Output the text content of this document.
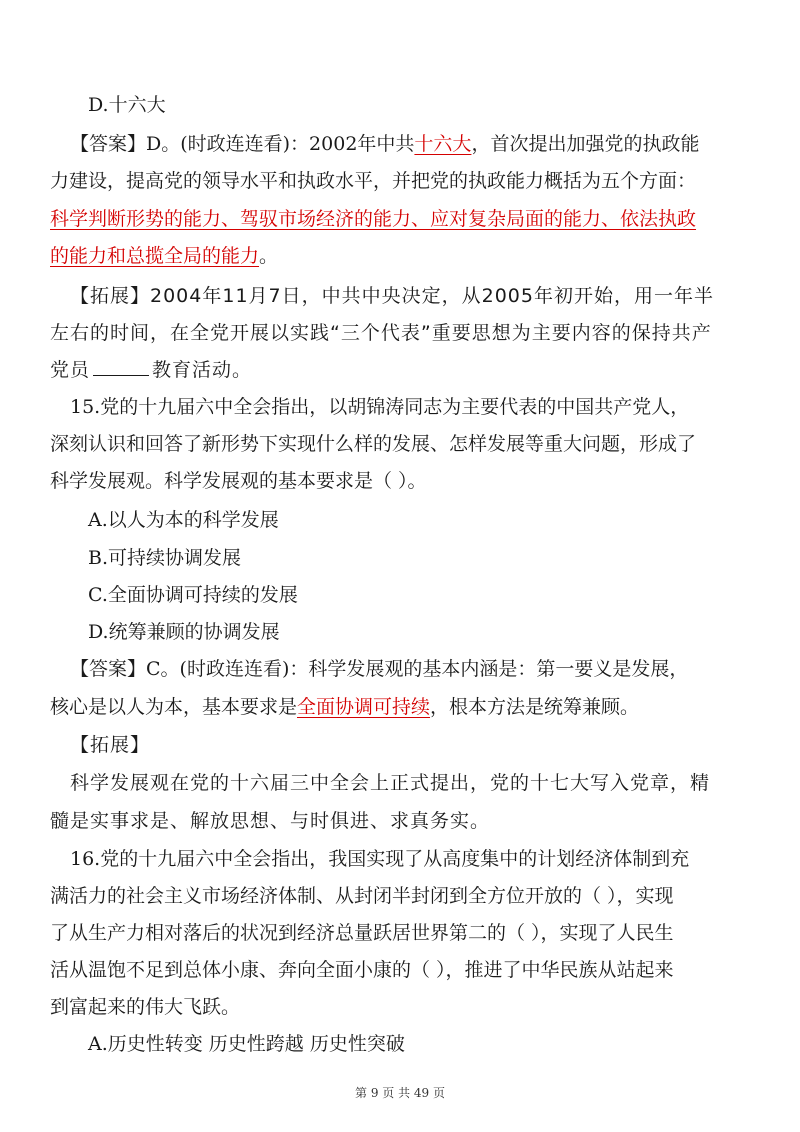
D.十六大
【答案】D。(时政连连看)：2002年中共十六大，首次提出加强党的执政能
力建设，提高党的领导水平和执政水平，并把党的执政能力概括为五个方面：
科学判断形势的能力、驾驭市场经济的能力、应对复杂局面的能力、依法执政
的能力和总揽全局的能力。
【拓展】2004年11月7日，中共中央决定，从2005年初开始，用一年半
左右的时间，在全党开展以实践“三个代表”重要思想为主要内容的保持共产
党员	教育活动。
15.党的十九届六中全会指出，以胡锦涛同志为主要代表的中国共产党人，
深刻认识和回答了新形势下实现什么样的发展、怎样发展等重大问题，形成了
科学发展观。科学发展观的基本要求是（ ）。
A.以人为本的科学发展
B.可持续协调发展
C.全面协调可持续的发展
D.统筹兼顾的协调发展
【答案】C。(时政连连看)：科学发展观的基本内涵是：第一要义是发展，
核心是以人为本，基本要求是全面协调可持续，根本方法是统筹兼顾。
【拓展】
科学发展观在党的十六届三中全会上正式提出，党的十七大写入党章，精
髓是实事求是、解放思想、与时俱进、求真务实。
16.党的十九届六中全会指出，我国实现了从高度集中的计划经济体制到充
满活力的社会主义市场经济体制、从封闭半封闭到全方位开放的（ ），实现
了从生产力相对落后的状况到经济总量跃居世界第二的（ ），实现了人民生
活从温饱不足到总体小康、奔向全面小康的（ ），推进了中华民族从站起来
到富起来的伟大飞跃。
A.历史性转变 历史性跨越 历史性突破
第 9 页 共 49 页
